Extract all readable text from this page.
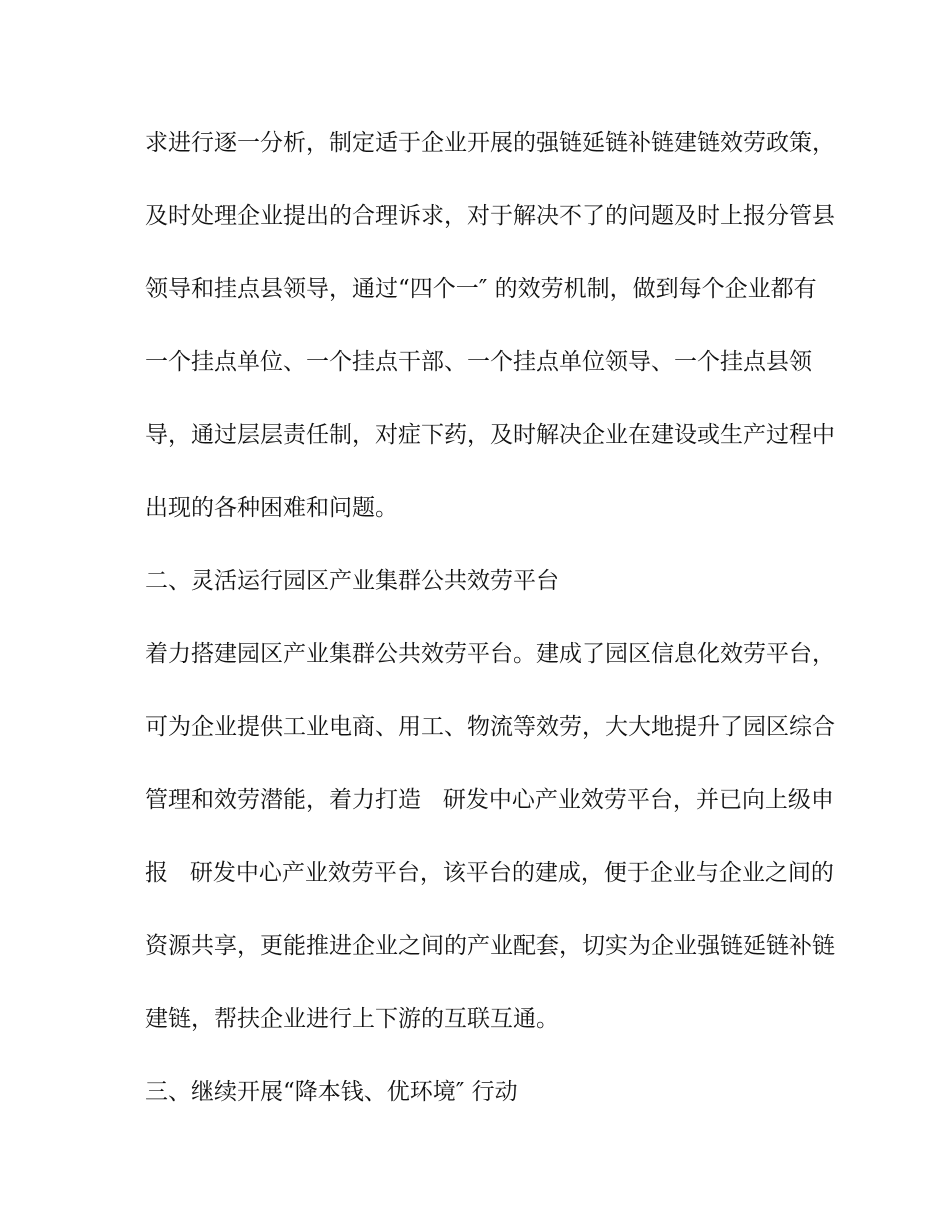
求进行逐一分析，制定适于企业开展的强链延链补链建链效劳政策，

及时处理企业提出的合理诉求，对于解决不了的问题及时上报分管县

领导和挂点县领导，通过“四个一″ 的效劳机制，做到每个企业都有

一个挂点单位、一个挂点干部、一个挂点单位领导、一个挂点县领

导，通过层层责任制，对症下药，及时解决企业在建设或生产过程中

出现的各种困难和问题。

二、灵活运行园区产业集群公共效劳平台

着力搭建园区产业集群公共效劳平台。建成了园区信息化效劳平台，

可为企业提供工业电商、用工、物流等效劳，大大地提升了园区综合

管理和效劳潜能，着力打造   研发中心产业效劳平台，并已向上级申

报   研发中心产业效劳平台，该平台的建成，便于企业与企业之间的

资源共享，更能推进企业之间的产业配套，切实为企业强链延链补链

建链，帮扶企业进行上下游的互联互通。

三、继续开展“降本钱、优环境″ 行动
